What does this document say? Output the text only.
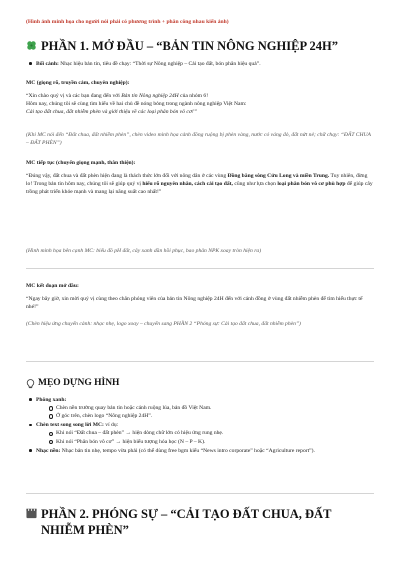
(Hình ảnh minh họa cho người nói phải có phương trình + phân công nhau kiến ảnh)
PHẦN 1. MỞ ĐẦU – “BẢN TIN NÔNG NGHIỆP 24H”
Bối cảnh: Nhạc hiệu bản tin, tiêu đề chạy: “Thời sự Nông nghiệp – Cải tạo đất, bón phân hiệu quả”.
MC (giọng rõ, truyền cảm, chuyên nghiệp):
“Xin chào quý vị và các bạn đang đến với Bản tin Nông nghiệp 24H của nhóm 6!
Hôm nay, chúng tôi sẽ cùng tìm hiểu về hai chủ đề nóng bỏng trong ngành nông nghiệp Việt Nam:
Cải tạo đất chua, đất nhiễm phèn và giới thiệu về các loại phân bón vô cơ!”
(Khi MC nói đến “Đất chua, đất nhiễm phèn”, chèn video minh họa cảnh đồng ruộng bị phèn vàng, nước có váng đỏ, đất nứt nẻ; chữ chạy: “ĐẤT CHUA – ĐẤT PHÈN”)
MC tiếp tục (chuyển giọng mạnh, thân thiện):
“Đúng vậy, đất chua và đất phèn hiện đang là thách thức lớn đối với nông dân ở các vùng Đồng bằng sông Cửu Long và miền Trung. Tuy nhiên, đừng lo! Trong bản tin hôm nay, chúng tôi sẽ giúp quý vị hiểu rõ nguyên nhân, cách cải tạo đất, cũng như lựa chọn loại phân bón vô cơ phù hợp để giúp cây trồng phát triển khỏe mạnh và mang lại năng suất cao nhất!”
(Hình minh họa bên cạnh MC: biểu đồ pH đất, cây xanh dần hồi phục, bao phân NPK xoay tròn hiện ra)
MC kết đoạn mở đầu:
“Ngay bây giờ, xin mời quý vị cùng theo chân phóng viên của bản tin Nông nghiệp 24H đến với cánh đồng ở vùng đất nhiễm phèn để tìm hiểu thực tế nhé!”
(Chèn hiệu ứng chuyển cảnh: nhạc nhẹ, logo xoay – chuyển sang PHẦN 2 “Phóng sự: Cải tạo đất chua, đất nhiễm phèn”)
MẸO DỰNG HÌNH
Phông xanh:
Chèn nền trường quay bản tin hoặc cánh ruộng lúa, bản đồ Việt Nam.
Ở góc trên, chèn logo “Nông nghiệp 24H”.
Chèn text song song lời MC: ví dụ:
Khi nói “Đất chua – đất phèn” → hiện dòng chữ lớn có hiệu ứng rung nhẹ.
Khi nói “Phân bón vô cơ” → hiện biểu tượng hóa học (N – P – K).
Nhạc nền: Nhạc bản tin nhẹ, tempo vừa phải (có thể dùng free bgm kiểu “News intro corporate” hoặc “Agriculture report”).
PHẦN 2. PHÓNG SỰ – “CẢI TẠO ĐẤT CHUA, ĐẤT NHIỄM PHÈN”
